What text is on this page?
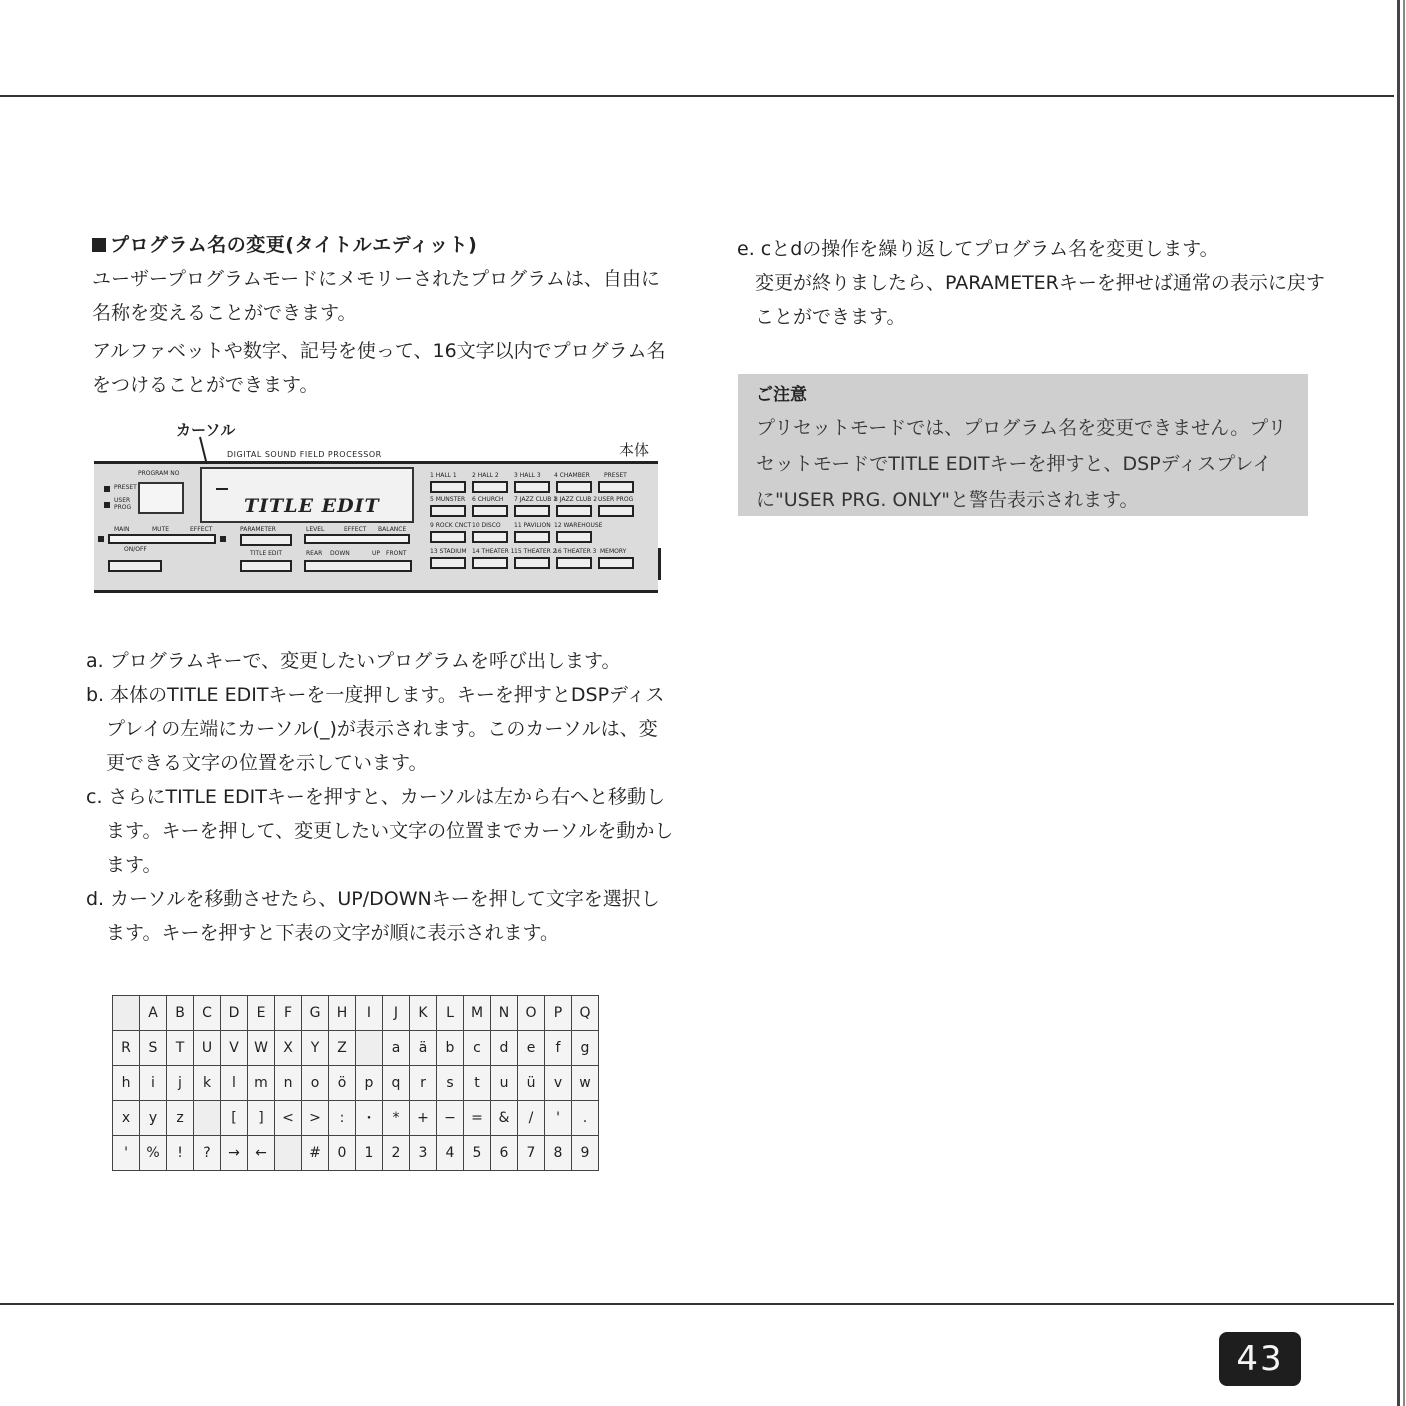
プログラム名の変更(タイトルエディット)
ユーザープログラムモードにメモリーされたプログラムは、自由に名称を変えることができます。
アルファベットや数字、記号を使って、16文字以内でプログラム名をつけることができます。
カーソル
本体
DIGITAL SOUND FIELD PROCESSOR
PROGRAM NO
PRESET
USER PROG	TITLE EDIT
MAIN	MUTE	EFFECT
ON/OFF
PARAMETER	LEVEL	EFFECT BALANCE
TITLE EDIT	REAR DOWN	UP FRONT
1 HALL 1	2 HALL 2	3 HALL 3 4 CHAMBER PRESET
5 MUNSTER 6 CHURCH 7 JAZZ CLUB 1
8 JAZZ CLUB 2 USER PROG
9 ROCK CNCT 10 DISCO 11 PAVILION 12 WAREHOUSE
13 STADIUM 14 THEATER 1 15 THEATER 2
16 THEATER 3 MEMORY
a. プログラムキーで、変更したいプログラムを呼び出します。
b. 本体のTITLE EDITキーを一度押します。キーを押すとDSPディスプレイの左端にカーソル(_)が表示されます。このカーソルは、変更できる文字の位置を示しています。
c. さらにTITLE EDITキーを押すと、カーソルは左から右へと移動します。キーを押して、変更したい文字の位置までカーソルを動かします。
d. カーソルを移動させたら、UP/DOWNキーを押して文字を選択します。キーを押すと下表の文字が順に表示されます。
	A	B	C	D	E	F	G	H	I	J	K	L	M	N	O	P	Q
R	S	T	U	V	W	X	Y	Z		a	ä	b	c	d	e	f	g
h	i	j	k	l	m	n	o	ö	p	q	r	s	t	u	ü	v	w
x	y	z		[	]	<	>	:	・	*	+	−	=	&	/	'	.
'	%	!	?	→	←		#	0	1	2	3	4	5	6	7	8	9
e. cとdの操作を繰り返してプログラム名を変更します。
変更が終りましたら、PARAMETERキーを押せば通常の表示に戻すことができます。
ご注意
プリセットモードでは、プログラム名を変更できません。プリセットモードでTITLE EDITキーを押すと、DSPディスプレイに"USER PRG. ONLY"と警告表示されます。
43
